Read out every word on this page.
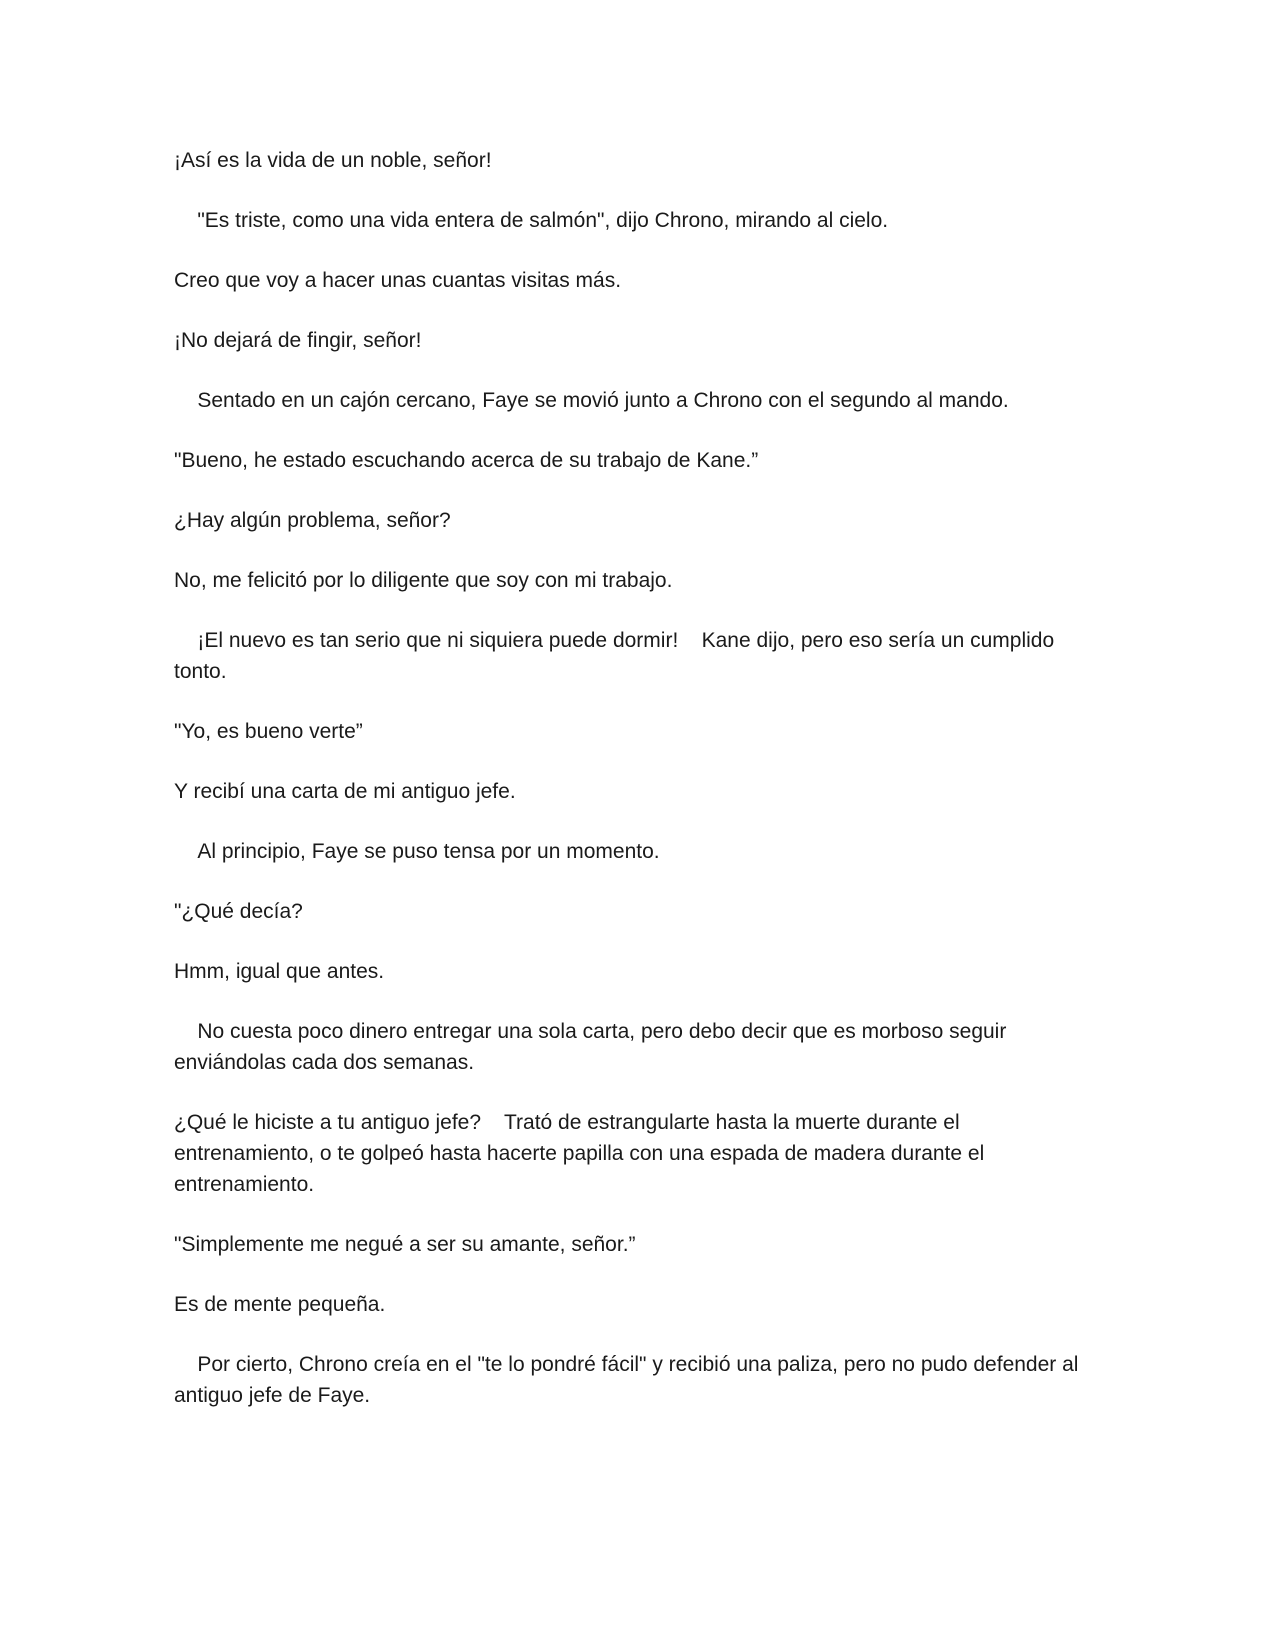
¡Así es la vida de un noble, señor!

"Es triste, como una vida entera de salmón", dijo Chrono, mirando al cielo.

Creo que voy a hacer unas cuantas visitas más.

¡No dejará de fingir, señor!

Sentado en un cajón cercano, Faye se movió junto a Chrono con el segundo al mando.

"Bueno, he estado escuchando acerca de su trabajo de Kane.”

¿Hay algún problema, señor?

No, me felicitó por lo diligente que soy con mi trabajo.

¡El nuevo es tan serio que ni siquiera puede dormir!    Kane dijo, pero eso sería un cumplido tonto.

"Yo, es bueno verte”

Y recibí una carta de mi antiguo jefe.

Al principio, Faye se puso tensa por un momento.

"¿Qué decía?

Hmm, igual que antes.

No cuesta poco dinero entregar una sola carta, pero debo decir que es morboso seguir enviándolas cada dos semanas.

¿Qué le hiciste a tu antiguo jefe?    Trató de estrangularte hasta la muerte durante el entrenamiento, o te golpeó hasta hacerte papilla con una espada de madera durante el entrenamiento.

"Simplemente me negué a ser su amante, señor.”

Es de mente pequeña.

Por cierto, Chrono creía en el "te lo pondré fácil" y recibió una paliza, pero no pudo defender al antiguo jefe de Faye.
